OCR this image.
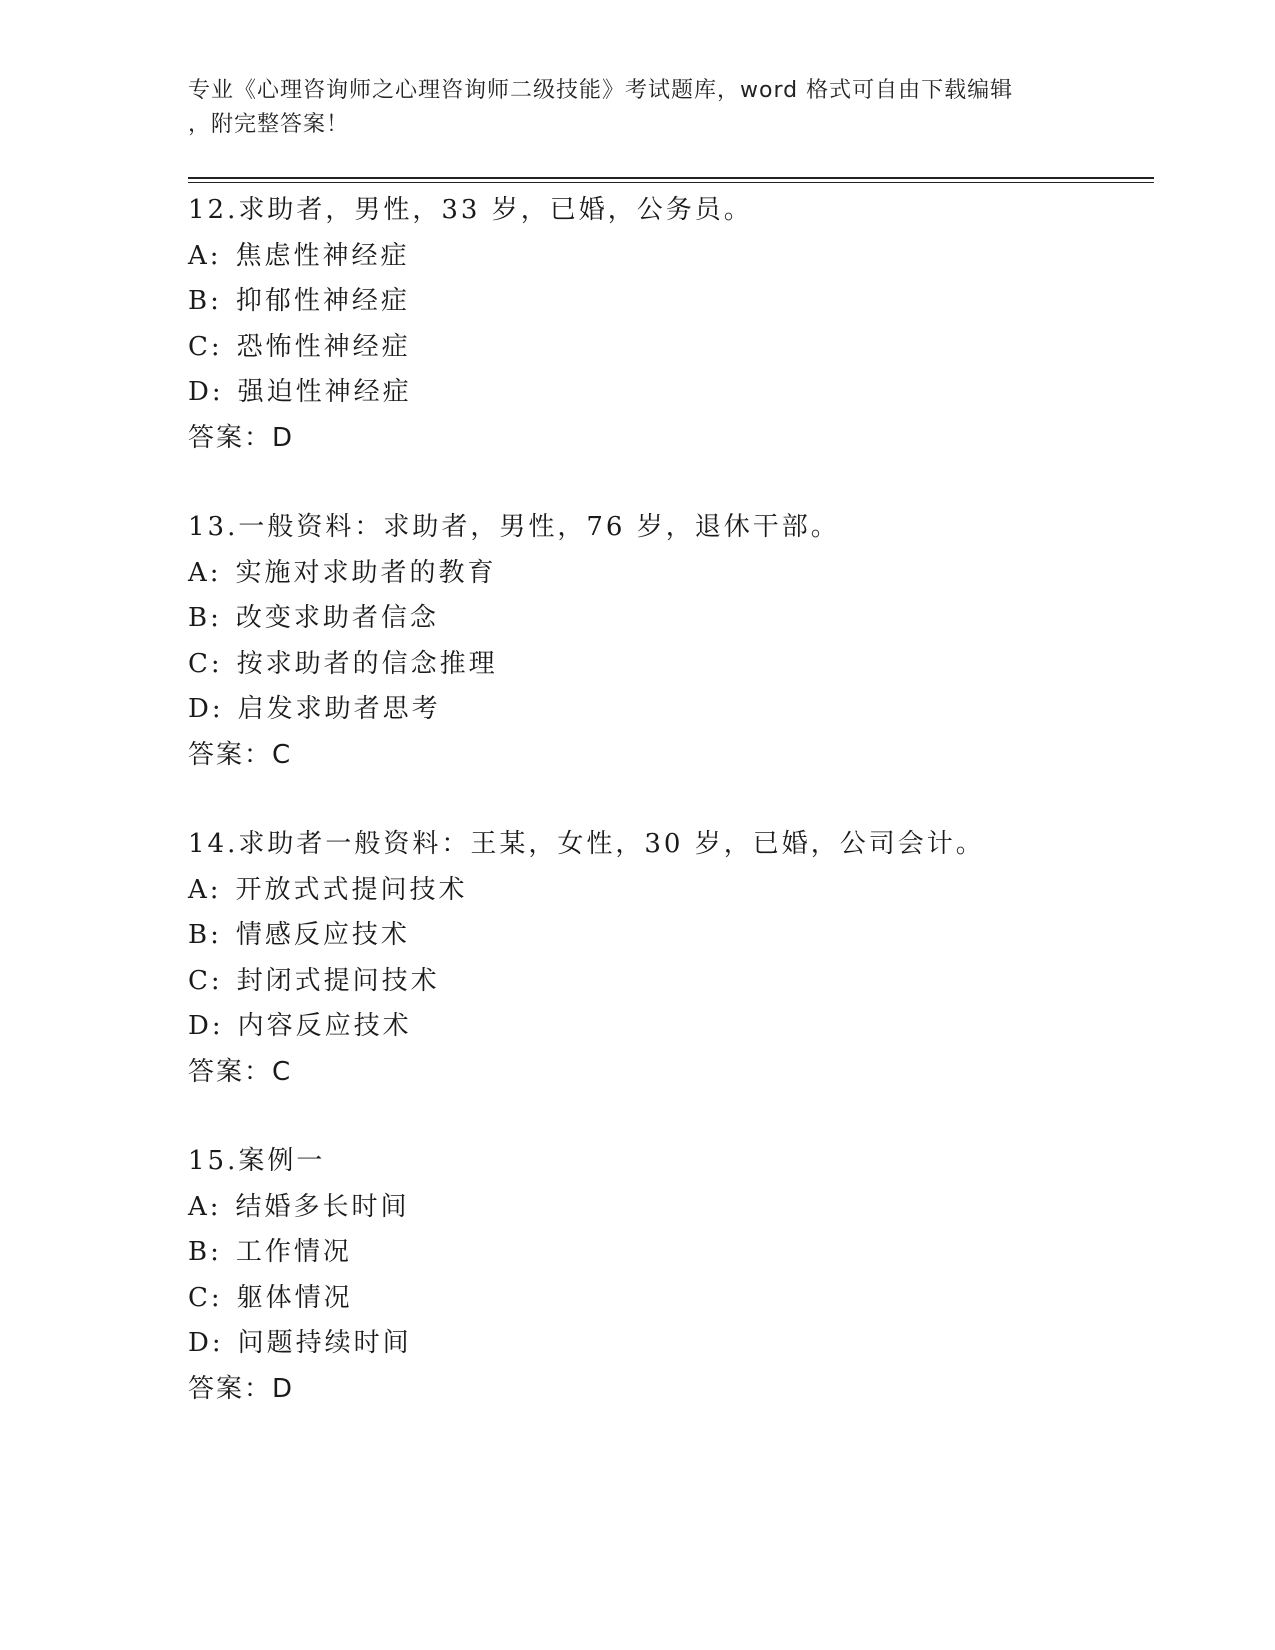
专业《心理咨询师之心理咨询师二级技能》考试题库，word 格式可自由下载编辑
，附完整答案！
12.求助者，男性，33 岁，已婚，公务员。
A: 焦虑性神经症
B: 抑郁性神经症
C: 恐怖性神经症
D: 强迫性神经症
答案：D
13.一般资料：求助者，男性，76 岁，退休干部。
A: 实施对求助者的教育
B: 改变求助者信念
C: 按求助者的信念推理
D: 启发求助者思考
答案：C
14.求助者一般资料：王某，女性，30 岁，已婚，公司会计。
A: 开放式式提问技术
B: 情感反应技术
C: 封闭式提问技术
D: 内容反应技术
答案：C
15.案例一
A: 结婚多长时间
B: 工作情况
C: 躯体情况
D: 问题持续时间
答案：D
